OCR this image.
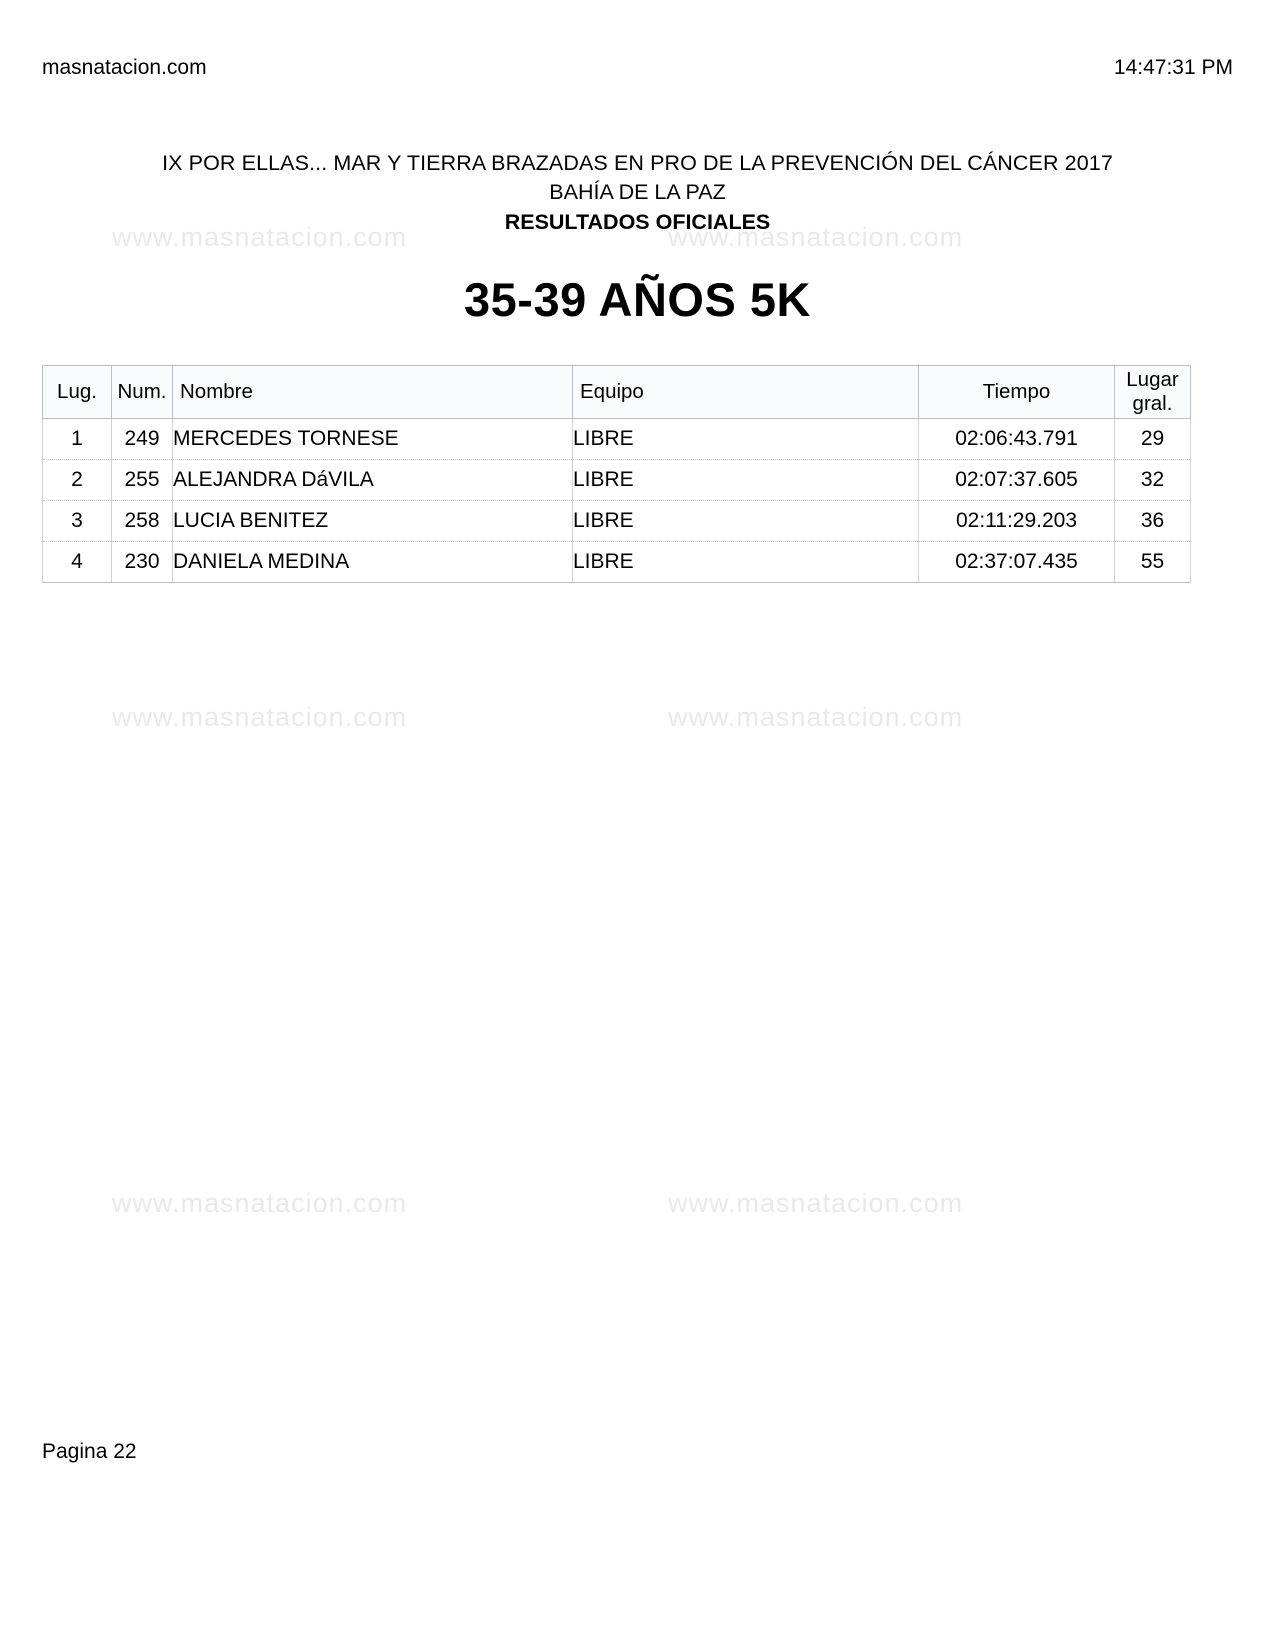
www.masnatacion.com	www.masnatacion.com
www.masnatacion.com	www.masnatacion.com
www.masnatacion.com	www.masnatacion.com
masnatacion.com	14:47:31 PM
IX POR ELLAS... MAR Y TIERRA BRAZADAS EN PRO DE LA PREVENCIÓN DEL CÁNCER 2017
BAHÍA DE LA PAZ
RESULTADOS OFICIALES
35-39 AÑOS 5K
Lug.	Num.	Nombre	Equipo	Tiempo	Lugar
gral.

1	249	MERCEDES TORNESE	LIBRE	02:06:43.791	29
2	255	ALEJANDRA DáVILA	LIBRE	02:07:37.605	32
3	258	LUCIA BENITEZ	LIBRE	02:11:29.203	36
4	230	DANIELA MEDINA	LIBRE	02:37:07.435	55
Pagina 22
